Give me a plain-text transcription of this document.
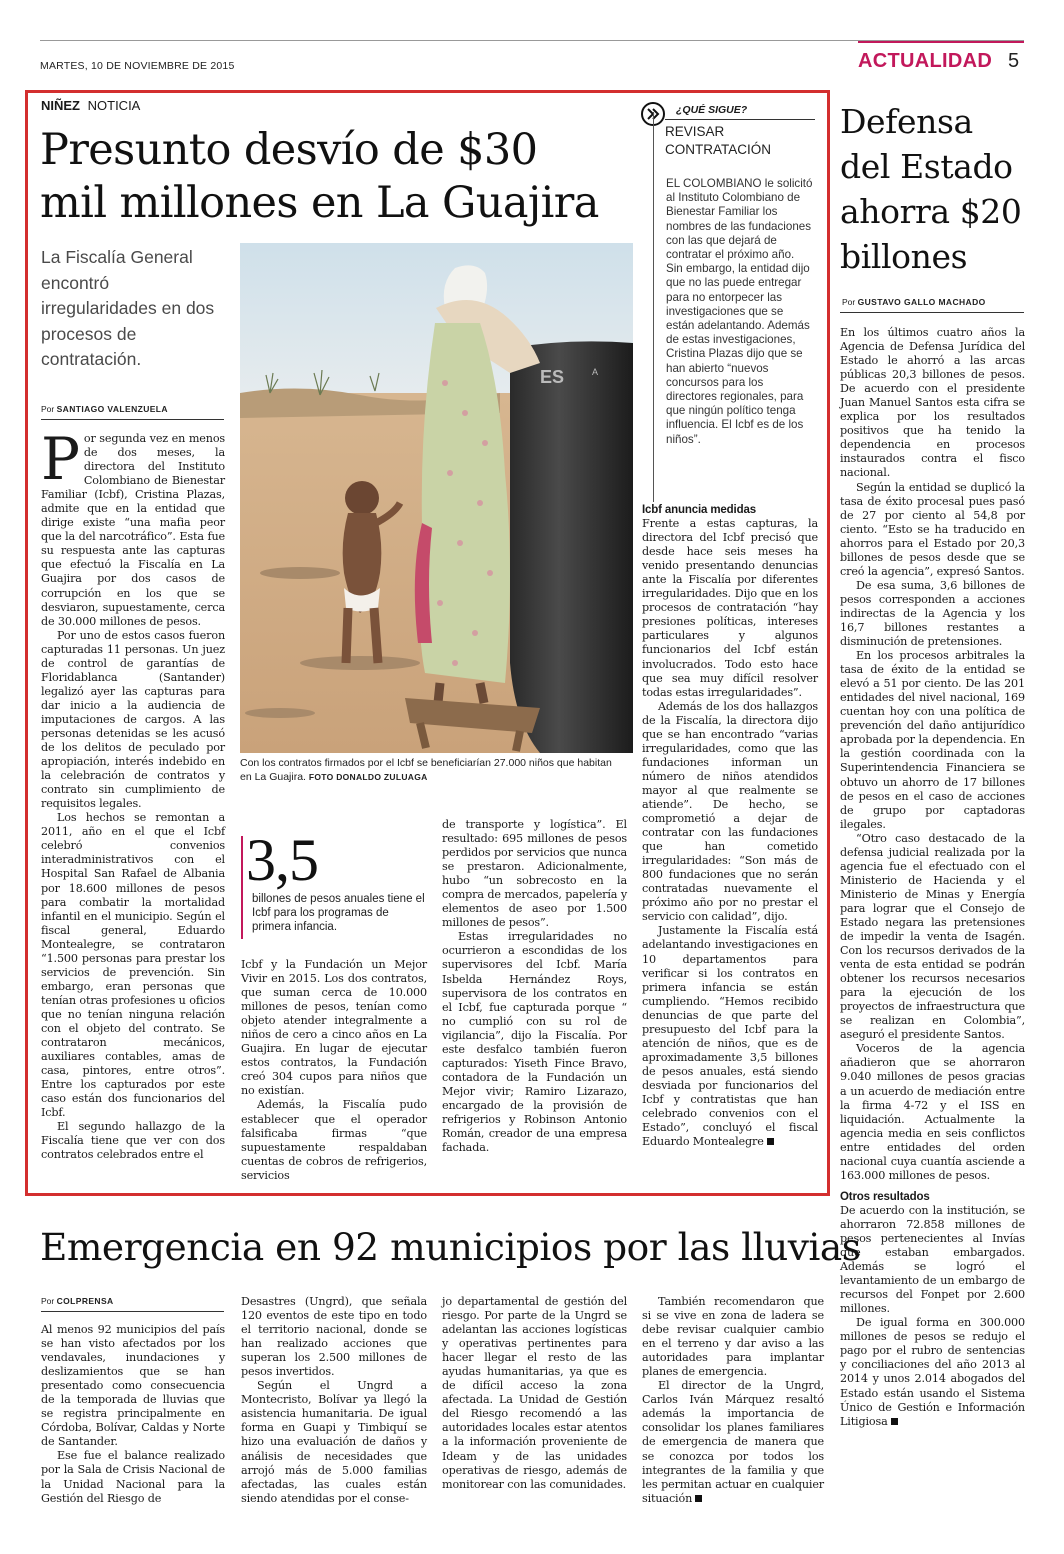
MARTES, 10 DE NOVIEMBRE DE 2015	ACTUALIDAD 5
NIÑEZ NOTICIA
Presunto desvío de $30
mil millones en La Guajira
La Fiscalía General encontró irregularidades en dos procesos de contratación.
Por SANTIAGO VALENZUELA

Por segunda vez en menos de dos meses, la directora del Instituto Colombiano de Bienestar Familiar (Icbf), Cristina Plazas, admite que en la entidad que dirige existe “una mafia peor que la del narcotráfico”. Esta fue su respuesta ante las capturas que efectuó la Fiscalía en La Guajira por dos casos de corrupción en los que se desviaron, supuestamente, cerca de 30.000 millones de pesos.

Por uno de estos casos fueron capturadas 11 personas. Un juez de control de garantías de Floridablanca (Santander) legalizó ayer las capturas para dar inicio a la audiencia de imputaciones de cargos. A las personas detenidas se les acusó de los delitos de peculado por apropiación, interés indebido en la celebración de contratos y contrato sin cumplimiento de requisitos legales.

Los hechos se remontan a 2011, año en el que el Icbf celebró convenios interadministrativos con el Hospital San Rafael de Albania por 18.600 millones de pesos para combatir la mortalidad infantil en el municipio. Según el fiscal general, Eduardo Montealegre, se contrataron “1.500 personas para prestar los servicios de prevención. Sin embargo, eran personas que tenían otras profesiones u oficios que no tenían ninguna relación con el objeto del contrato. Se contrataron mecánicos, auxiliares contables, amas de casa, pintores, entre otros”. Entre los capturados por este caso están dos funcionarios del Icbf.

El segundo hallazgo de la Fiscalía tiene que ver con dos contratos celebrados entre el

ES	A
Con los contratos firmados por el Icbf se beneficiarían 27.000 niños que habitan en La Guajira. FOTO DONALDO ZULUAGA
3,5
billones de pesos anuales tiene el Icbf para los programas de primera infancia.

Icbf y la Fundación un Mejor Vivir en 2015. Los dos contratos, que suman cerca de 10.000 millones de pesos, tenían como objeto atender integralmente a niños de cero a cinco años en La Guajira. En lugar de ejecutar estos contratos, la Fundación creó 304 cupos para niños que no existían.

Además, la Fiscalía pudo establecer que el operador falsificaba firmas “que supuestamente respaldaban cuentas de cobros de refrigerios, servicios

de transporte y logística”. El resultado: 695 millones de pesos perdidos por servicios que nunca se prestaron. Adicionalmente, hubo “un sobrecosto en la compra de mercados, papelería y elementos de aseo por 1.500 millones de pesos”.

Estas irregularidades no ocurrieron a escondidas de los supervisores del Icbf. María Isbelda Hernández Roys, supervisora de los contratos en el Icbf, fue capturada porque “ no cumplió con su rol de vigilancia”, dijo la Fiscalía. Por este desfalco también fueron capturados: Yiseth Fince Bravo, contadora de la Fundación un Mejor vivir; Ramiro Lizarazo, encargado de la provisión de refrigerios y Robinson Antonio Román, creador de una empresa fachada.

¿QUÉ SIGUE?
REVISAR CONTRATACIÓN
EL COLOMBIANO le solicitó al Instituto Colombiano de Bienestar Familiar los nombres de las fundaciones con las que dejará de contratar el próximo año. Sin embargo, la entidad dijo que no las puede entregar para no entorpecer las investigaciones que se están adelantando. Además de estas investigaciones, Cristina Plazas dijo que se han abierto “nuevos concursos para los directores regionales, para que ningún político tenga influencia. El Icbf es de los niños”.
Icbf anuncia medidas

Frente a estas capturas, la directora del Icbf precisó que desde hace seis meses ha venido presentando denuncias ante la Fiscalía por diferentes irregularidades. Dijo que en los procesos de contratación “hay presiones políticas, intereses particulares y algunos funcionarios del Icbf están involucrados. Todo esto hace que sea muy difícil resolver todas estas irregularidades”.

Además de los dos hallazgos de la Fiscalía, la directora dijo que se han encontrado “varias irregularidades, como que las fundaciones informan un número de niños atendidos mayor al que realmente se atiende”. De hecho, se comprometió a dejar de contratar con las fundaciones que han cometido irregularidades: “Son más de 800 fundaciones que no serán contratadas nuevamente el próximo año por no prestar el servicio con calidad”, dijo.

Justamente la Fiscalía está adelantando investigaciones en 10 departamentos para verificar si los contratos en primera infancia se están cumpliendo. “Hemos recibido denuncias de que parte del presupuesto del Icbf para la atención de niños, que es de aproximadamente 3,5 billones de pesos anuales, está siendo desviada por funcionarios del Icbf y contratistas que han celebrado convenios con el Estado”, concluyó el fiscal Eduardo Montealegre

Defensa del Estado ahorra $20 billones
Por GUSTAVO GALLO MACHADO

En los últimos cuatro años la Agencia de Defensa Jurídica del Estado le ahorró a las arcas públicas 20,3 billones de pesos. De acuerdo con el presidente Juan Manuel Santos esta cifra se explica por los resultados positivos que ha tenido la dependencia en procesos instaurados contra el fisco nacional.

Según la entidad se duplicó la tasa de éxito procesal pues pasó de 27 por ciento al 54,8 por ciento. “Esto se ha traducido en ahorros para el Estado por 20,3 billones de pesos desde que se creó la agencia”, expresó Santos.

De esa suma, 3,6 billones de pesos corresponden a acciones indirectas de la Agencia y los 16,7 billones restantes a disminución de pretensiones.

En los procesos arbitrales la tasa de éxito de la entidad se elevó a 51 por ciento. De las 201 entidades del nivel nacional, 169 cuentan hoy con una política de prevención del daño antijurídico aprobada por la dependencia. En la gestión coordinada con la Superintendencia Financiera se obtuvo un ahorro de 17 billones de pesos en el caso de acciones de grupo por captadoras ilegales.

“Otro caso destacado de la defensa judicial realizada por la agencia fue el efectuado con el Ministerio de Hacienda y el Ministerio de Minas y Energía para lograr que el Consejo de Estado negara las pretensiones de impedir la venta de Isagén. Con los recursos derivados de la venta de esta entidad se podrán obtener los recursos necesarios para la ejecución de los proyectos de infraestructura que se realizan en Colombia”, aseguró el presidente Santos.

Voceros de la agencia añadieron que se ahorraron 9.040 millones de pesos gracias a un acuerdo de mediación entre la firma 4-72 y el ISS en liquidación. Actualmente la agencia media en seis conflictos entre entidades del orden nacional cuya cuantía asciende a 163.000 millones de pesos.

Otros resultados

De acuerdo con la institución, se ahorraron 72.858 millones de pesos pertenecientes al Invías que estaban embargados. Además se logró el levantamiento de un embargo de recursos del Fonpet por 2.600 millones.

De igual forma en 300.000 millones de pesos se redujo el pago por el rubro de sentencias y conciliaciones del año 2013 al 2014 y unos 2.014 abogados del Estado están usando el Sistema Único de Gestión e Información Litigiosa

Emergencia en 92 municipios por las lluvias
Por COLPRENSA

Al menos 92 municipios del país se han visto afectados por los vendavales, inundaciones y deslizamientos que se han presentado como consecuencia de la temporada de lluvias que se registra principalmente en Córdoba, Bolívar, Caldas y Norte de Santander.

Ese fue el balance realizado por la Sala de Crisis Nacional de la Unidad Nacional para la Gestión del Riesgo de

Desastres (Ungrd), que señala 120 eventos de este tipo en todo el territorio nacional, donde se han realizado acciones que superan los 2.500 millones de pesos invertidos.

Según el Ungrd a Montecristo, Bolívar ya llegó la asistencia humanitaria. De igual forma en Guapi y Timbiquí se hizo una evaluación de daños y análisis de necesidades que arrojó más de 5.000 familias afectadas, las cuales están siendo atendidas por el conse-

jo departamental de gestión del riesgo. Por parte de la Ungrd se adelantan las acciones logísticas y operativas pertinentes para hacer llegar el resto de las ayudas humanitarias, ya que es de difícil acceso la zona afectada. La Unidad de Gestión del Riesgo recomendó a las autoridades locales estar atentos a la información proveniente de Ideam y de las unidades operativas de riesgo, además de monitorear con las comunidades.

También recomendaron que si se vive en zona de ladera se debe revisar cualquier cambio en el terreno y dar aviso a las autoridades para implantar planes de emergencia.

El director de la Ungrd, Carlos Iván Márquez resaltó además la importancia de consolidar los planes familiares de emergencia de manera que se conozca por todos los integrantes de la familia y que les permitan actuar en cualquier situación
